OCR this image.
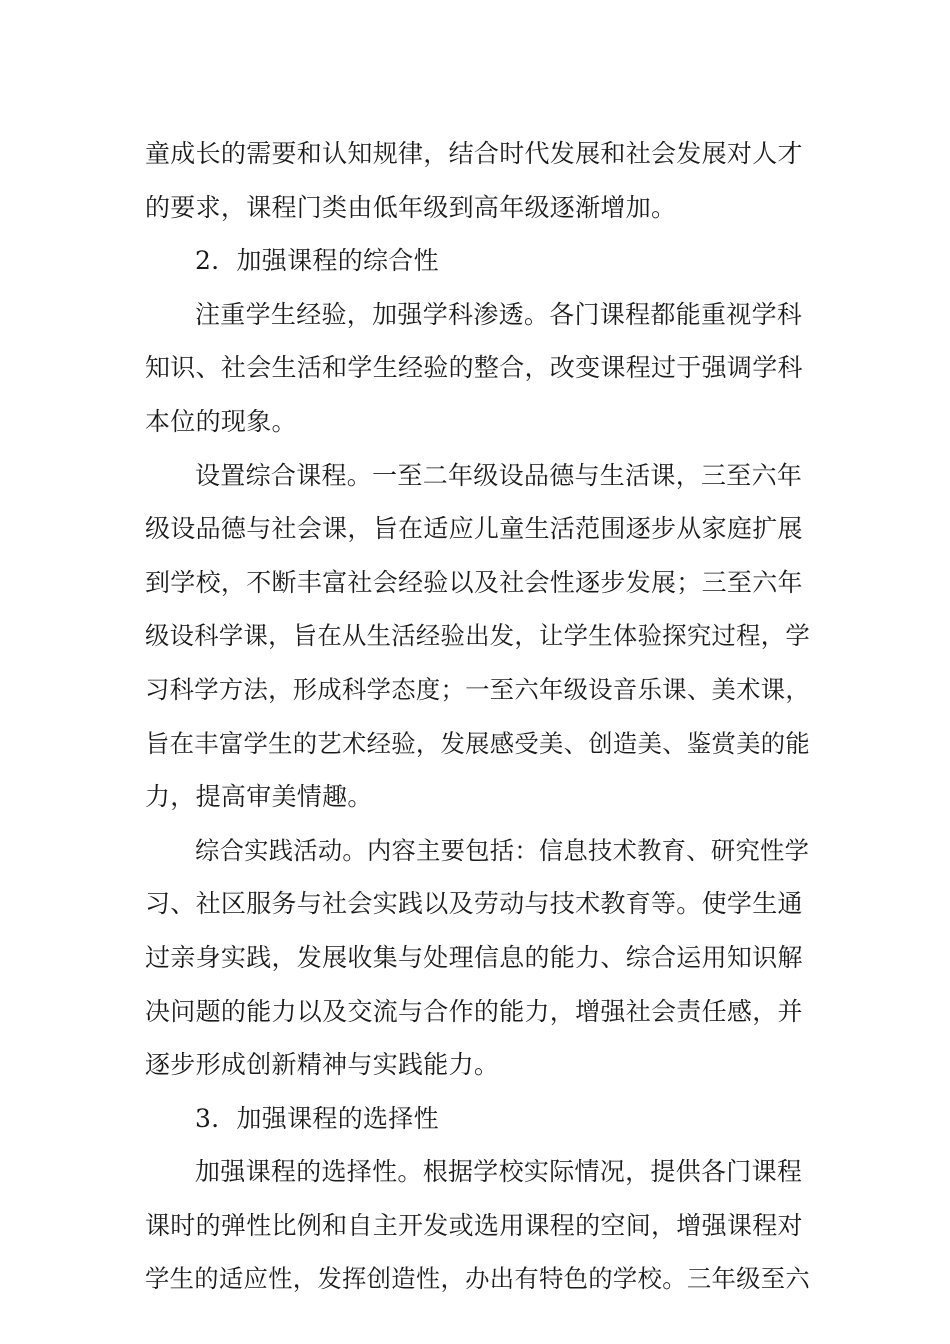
童成长的需要和认知规律，结合时代发展和社会发展对人才
的要求，课程门类由低年级到高年级逐渐增加。
2．加强课程的综合性
注重学生经验，加强学科渗透。各门课程都能重视学科
知识、社会生活和学生经验的整合，改变课程过于强调学科
本位的现象。
设置综合课程。一至二年级设品德与生活课，三至六年
级设品德与社会课，旨在适应儿童生活范围逐步从家庭扩展
到学校，不断丰富社会经验以及社会性逐步发展；三至六年
级设科学课，旨在从生活经验出发，让学生体验探究过程，学
习科学方法，形成科学态度；一至六年级设音乐课、美术课，
旨在丰富学生的艺术经验，发展感受美、创造美、鉴赏美的能
力，提高审美情趣。
综合实践活动。内容主要包括：信息技术教育、研究性学
习、社区服务与社会实践以及劳动与技术教育等。使学生通
过亲身实践，发展收集与处理信息的能力、综合运用知识解
决问题的能力以及交流与合作的能力，增强社会责任感，并
逐步形成创新精神与实践能力。
3．加强课程的选择性
加强课程的选择性。根据学校实际情况，提供各门课程
课时的弹性比例和自主开发或选用课程的空间，增强课程对
学生的适应性，发挥创造性，办出有特色的学校。三年级至六
